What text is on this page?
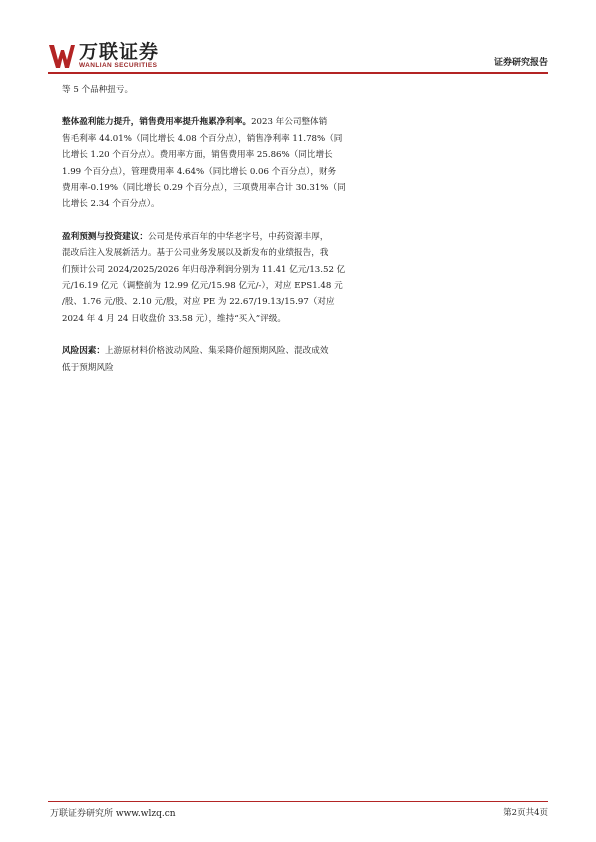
万联证券
WANLIAN SECURITIES	证券研究报告

等 5 个品种扭亏。

整体盈利能力提升，销售费用率提升拖累净利率。2023 年公司整体销
售毛利率 44.01%（同比增长 4.08 个百分点），销售净利率 11.78%（同
比增长 1.20 个百分点）。费用率方面，销售费用率 25.86%（同比增长
1.99 个百分点），管理费用率 4.64%（同比增长 0.06 个百分点），财务
费用率-0.19%（同比增长 0.29 个百分点），三项费用率合计 30.31%（同
比增长 2.34 个百分点）。

盈利预测与投资建议：公司是传承百年的中华老字号，中药资源丰厚，
混改后注入发展新活力。基于公司业务发展以及新发布的业绩报告，我
们预计公司 2024/2025/2026 年归母净利润分别为 11.41 亿元/13.52 亿
元/16.19 亿元（调整前为 12.99 亿元/15.98 亿元/-），对应 EPS1.48 元
/股、1.76 元/股、2.10 元/股，对应 PE 为 22.67/19.13/15.97（对应
2024 年 4 月 24 日收盘价 33.58 元），维持“买入”评级。

风险因素：上游原材料价格波动风险、集采降价超预期风险、混改成效
低于预期风险

万联证券研究所 www.wlzq.cn	第2页共4页
